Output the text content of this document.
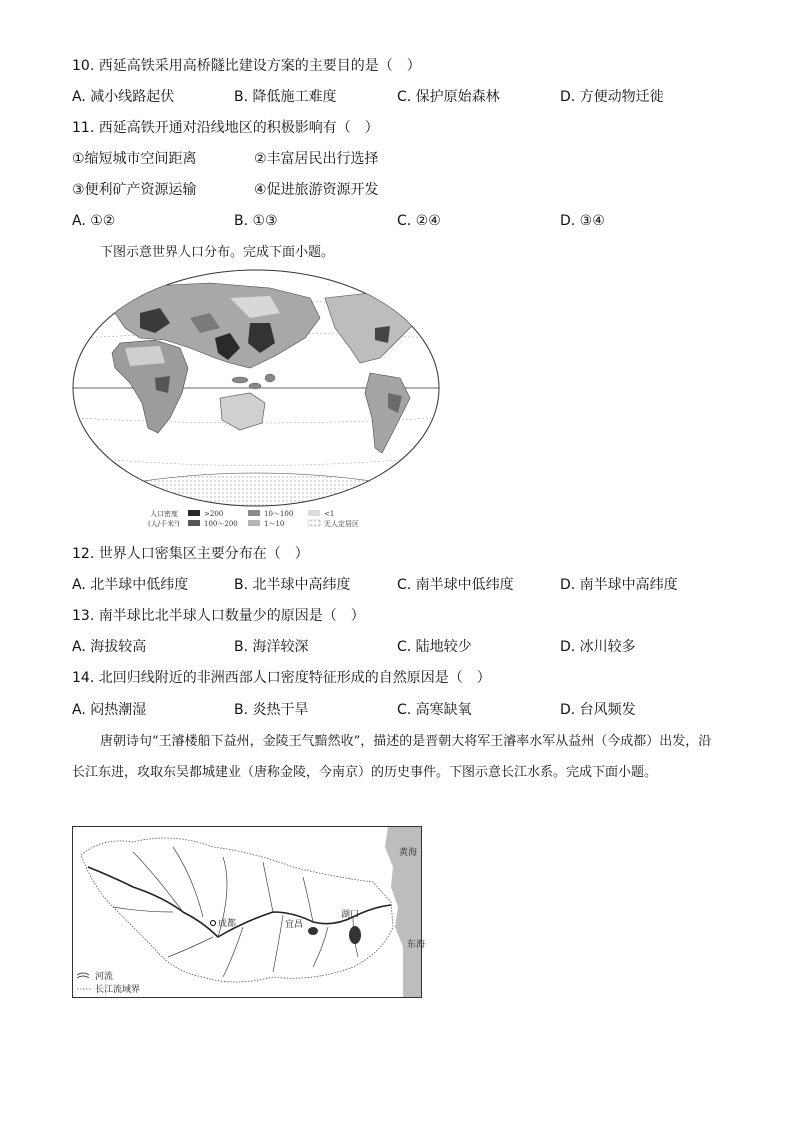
10. 西延高铁采用高桥隧比建设方案的主要目的是（　）
A. 减小线路起伏	B. 降低施工难度	C. 保护原始森林	D. 方便动物迁徙
11. 西延高铁开通对沿线地区的积极影响有（　）
①缩短城市空间距离	②丰富居民出行选择
③便利矿产资源运输	④促进旅游资源开发
A. ①②	B. ①③	C. ②④	D. ③④
下图示意世界人口分布。完成下面小题。
人口密度
(人/千米²)
>200	10～100	<1
100～200	1～10	无人定居区
12. 世界人口密集区主要分布在（　）
A. 北半球中低纬度	B. 北半球中高纬度	C. 南半球中低纬度	D. 南半球中高纬度
13. 南半球比北半球人口数量少的原因是（　）
A. 海拔较高	B. 海洋较深	C. 陆地较少	D. 冰川较多
14. 北回归线附近的非洲西部人口密度特征形成的自然原因是（　）
A. 闷热潮湿	B. 炎热干旱	C. 高寒缺氧	D. 台风频发
唐朝诗句“王濬楼船下益州，金陵王气黯然收”，描述的是晋朝大将军王濬率水军从益州（今成都）出发，沿长江东进，攻取东吴都城建业（唐称金陵，今南京）的历史事件。下图示意长江水系。完成下面小题。
成都	宜昌
湖口
黄海
东海
河流
长江流域界
